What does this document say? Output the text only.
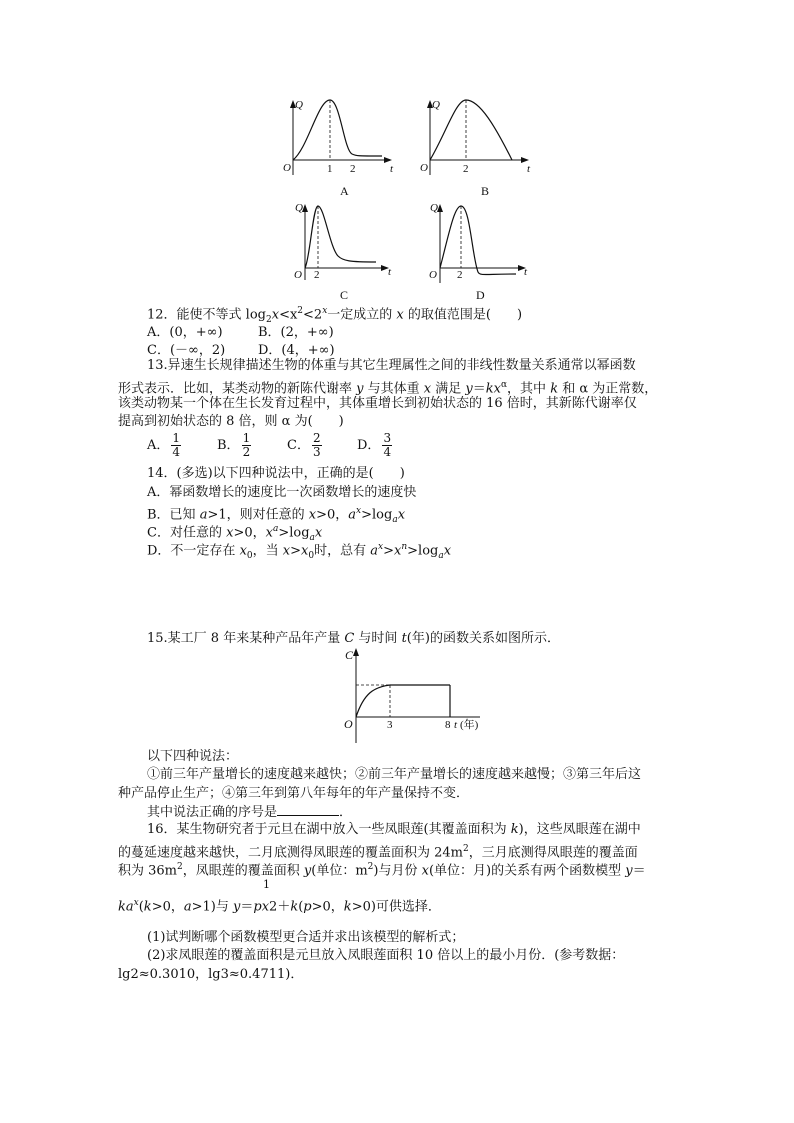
Q
O	1 2	t
A
Q
O	2	t
B
Q
O 2	t
C
Q
O 2	t
D
12．能使不等式 $\log_2x<x^2<2^x$一定成立的 x 的取值范围是(　　)
A．(0，+∞)	B．(2，+∞)
C．(－∞，2)	D．(4，+∞)
13.异速生长规律描述生物的体重与其它生理属性之间的非线性数量关系通常以幂函数
形式表示．比如，某类动物的新陈代谢率 y 与其体重 x 满足 $y=kx^\alpha$，其中 k 和 α 为正常数，
该类动物某一个体在生长发育过程中，其体重增长到初始状态的 16 倍时，其新陈代谢率仅
提高到初始状态的 8 倍，则 α 为(　　)
A． $\frac{1}{4}$	B． $\frac{1}{2}$	C． $\frac{2}{3}$	D． $\frac{3}{4}$
14．(多选)以下四种说法中，正确的是(　　)
A．幂函数增长的速度比一次函数增长的速度快
B．已知 a>1，则对任意的 x>0，$a^x>\log_ax$
C．对任意的 x>0，$x^a>\log_ax$
D．不一定存在 $x_0$，当 $x>x_0$时，总有 $a^x>x^n>\log_ax$
15.某工厂 8 年来某种产品年产量 C 与时间 t(年)的函数关系如图所示．
C
O	3	8 t (年)
以下四种说法：
①前三年产量增长的速度越来越快；②前三年产量增长的速度越来越慢；③第三年后这
种产品停止生产；④第三年到第八年每年的年产量保持不变．
其中说法正确的序号是	．
16．某生物研究者于元旦在湖中放入一些凤眼莲(其覆盖面积为 k)，这些凤眼莲在湖中
的蔓延速度越来越快，二月底测得凤眼莲的覆盖面积为 $24m^2$，三月底测得凤眼莲的覆盖面
积为 $36m^2$，凤眼莲的覆盖面积 y(单位：$m^2$)与月份 x(单位：月)的关系有两个函数模型 y＝
1
$ka^x(k>0$，a>1)与 y＝px2＋k(p>0，k>0)可供选择．
(1)试判断哪个函数模型更合适并求出该模型的解析式；
(2)求凤眼莲的覆盖面积是元旦放入凤眼莲面积 10 倍以上的最小月份．(参考数据：
lg2≈0.3010，lg3≈0.4711)．
